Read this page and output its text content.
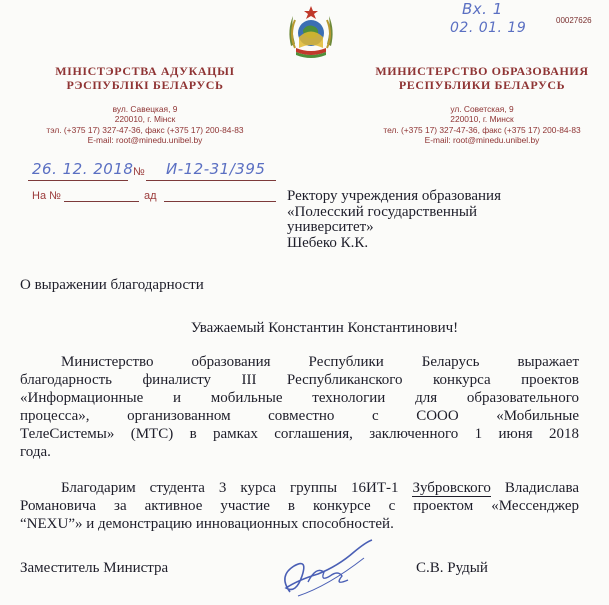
00027626
Вх. 1
02. 01. 19
МІНІСТЭРСТВА АДУКАЦЫІ
РЭСПУБЛІКІ БЕЛАРУСЬ
вул. Савецкая, 9
220010, г. Мінск
тэл. (+375 17) 327-47-36, факс (+375 17) 200-84-83
E-mail: root@minedu.unibel.by
МИНИСТЕРСТВО ОБРАЗОВАНИЯ
РЕСПУБЛИКИ БЕЛАРУСЬ
ул. Советская, 9
220010, г. Минск
тел. (+375 17) 327-47-36, факс (+375 17) 200-84-83
E-mail: root@minedu.unibel.by
26. 12. 2018 № И-12-31/395
На №	ад	Ректору учреждения образования
«Полесский государственный
университет»
Шебеко К.К.
О выражении благодарности
Уважаемый Константин Константинович!
Министерство образования Республики Беларусь выражает
благодарность финалисту III Республиканского конкурса проектов
«Информационные и мобильные технологии для образовательного
процесса», организованном совместно с СООО «Мобильные
ТелеСистемы» (МТС) в рамках соглашения, заключенного 1 июня 2018
года.
Благодарим студента 3 курса группы 16ИТ-1 Зубровского Владислава
Романовича за активное участие в конкурсе с проектом «Мессенджер
“NEXU”» и демонстрацию инновационных способностей.
Заместитель Министра	С.В. Рудый
